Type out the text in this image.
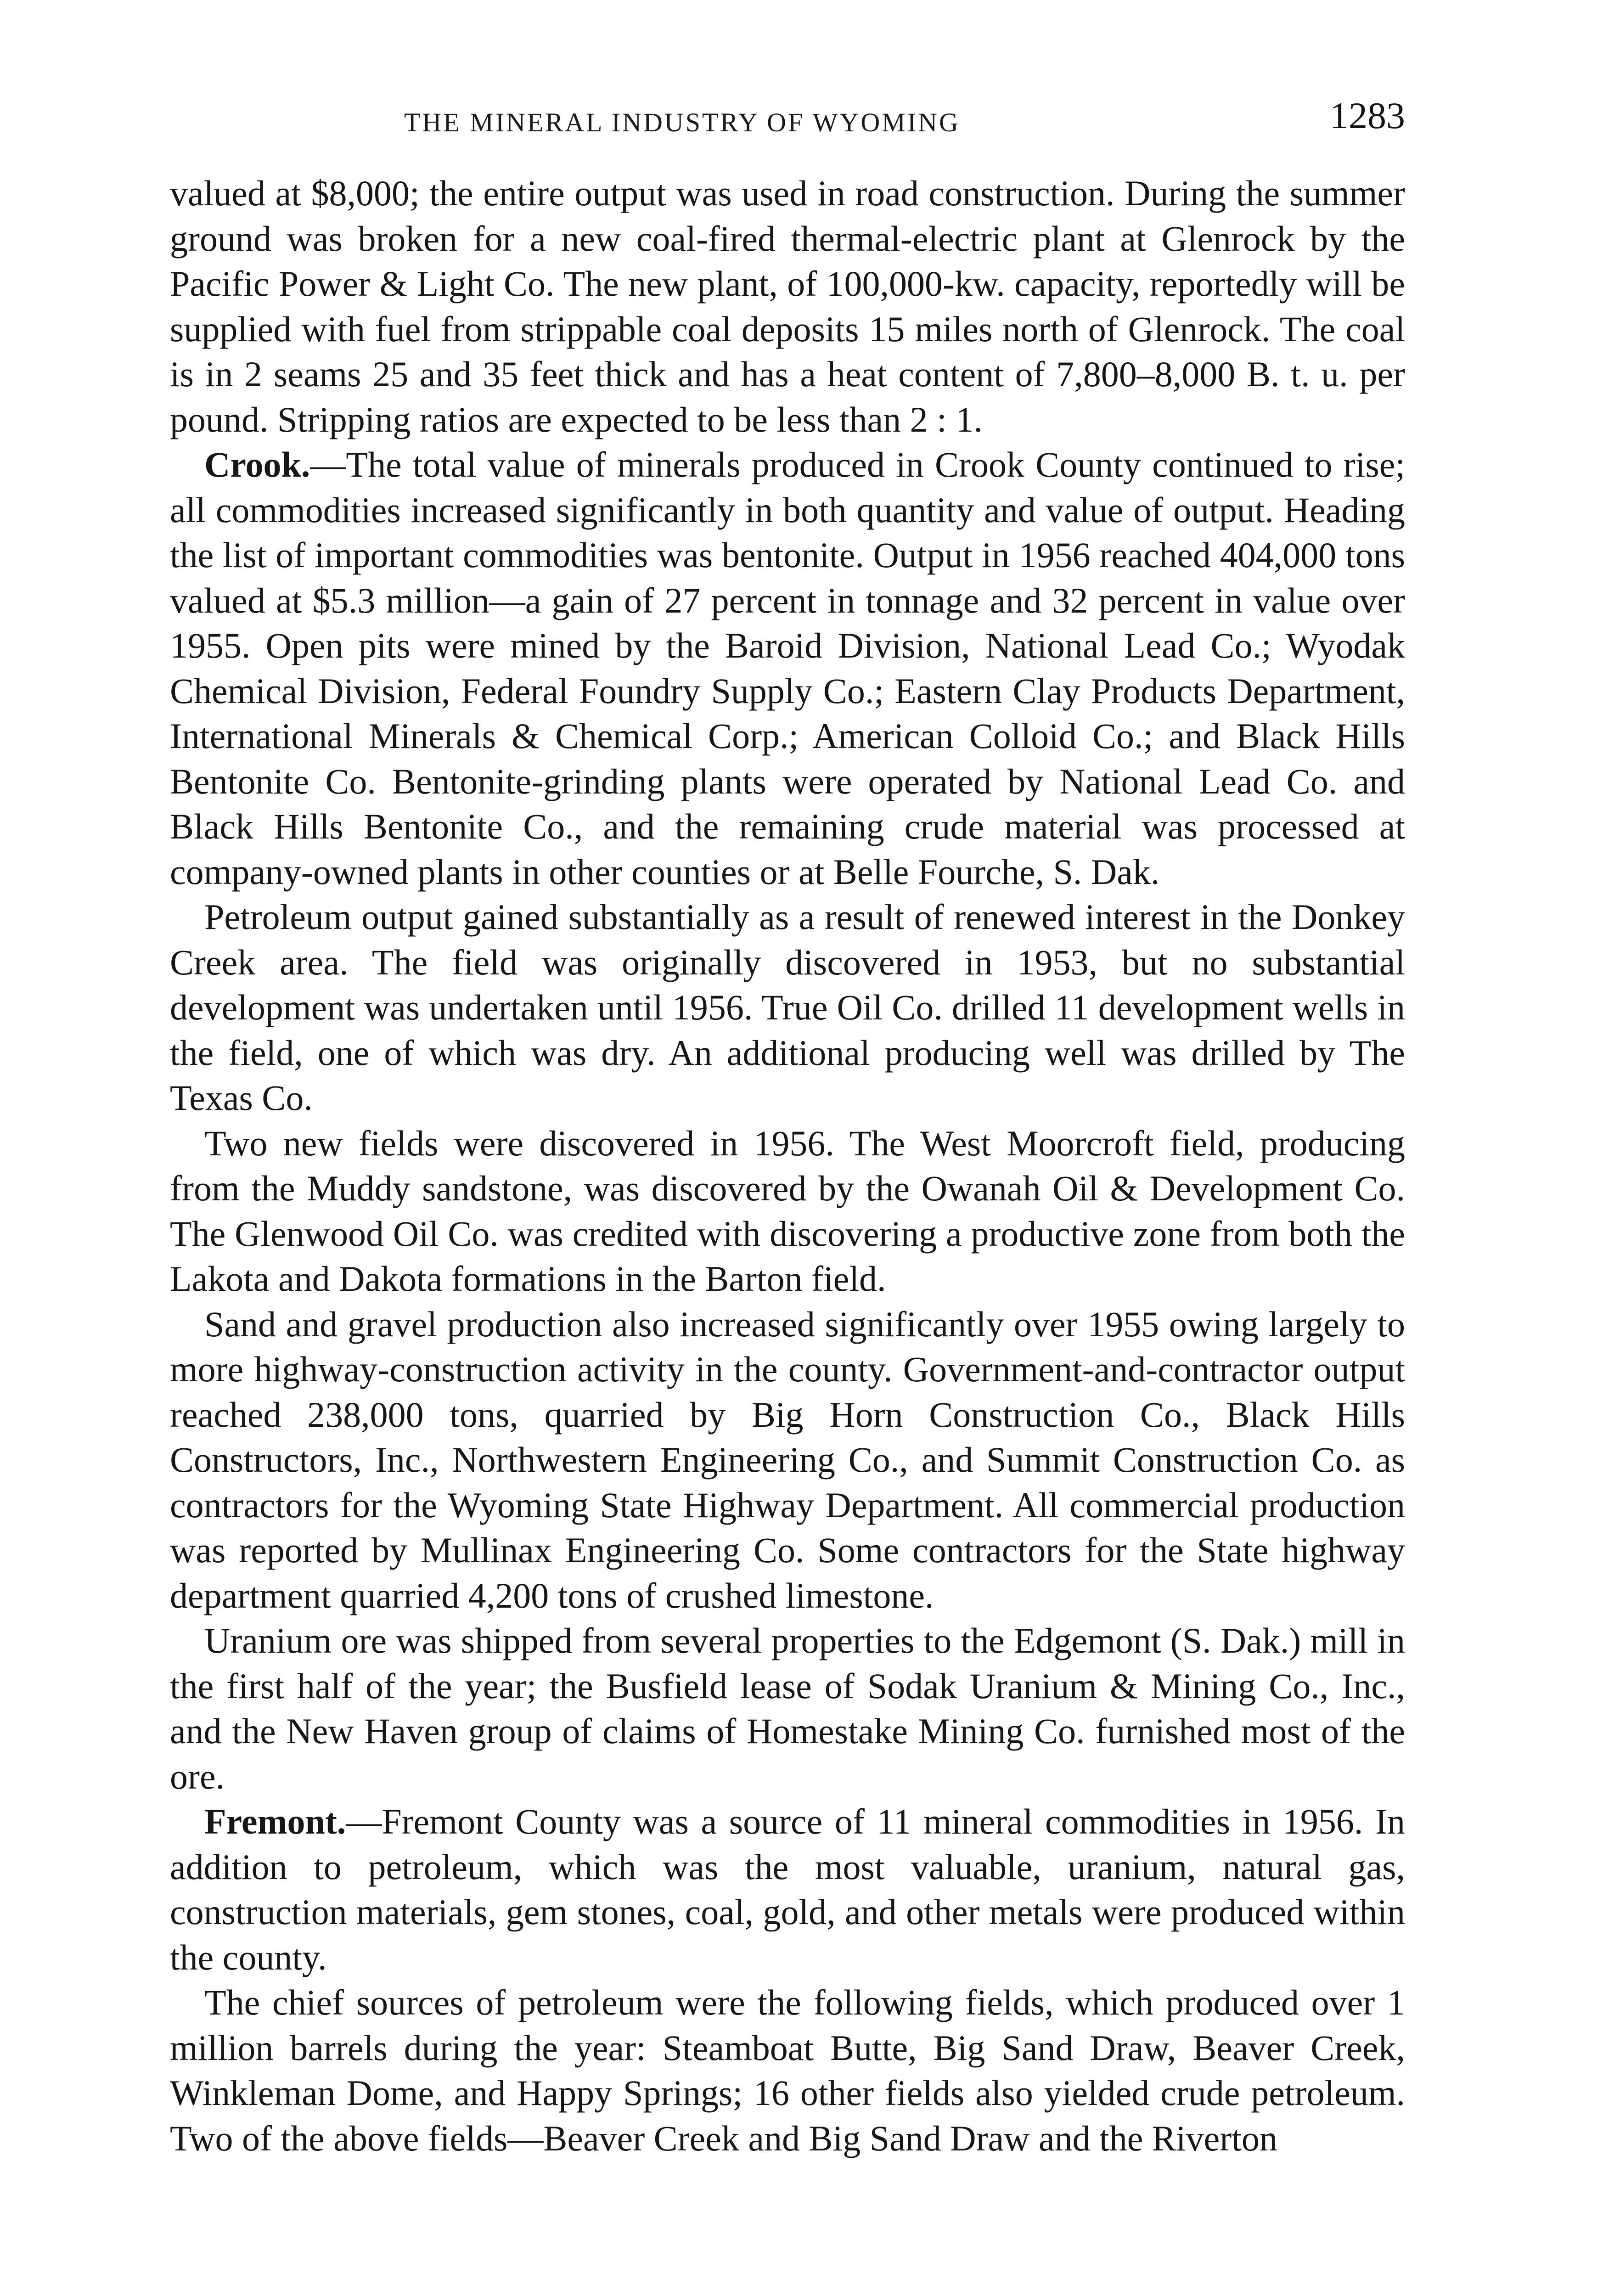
THE MINERAL INDUSTRY OF WYOMING	1283

valued at $8,000; the entire output was used in road construction. During the summer ground was broken for a new coal-fired thermal-electric plant at Glenrock by the Pacific Power & Light Co. The new plant, of 100,000-kw. capacity, reportedly will be supplied with fuel from strippable coal deposits 15 miles north of Glenrock. The coal is in 2 seams 25 and 35 feet thick and has a heat content of 7,800–8,000 B. t. u. per pound. Stripping ratios are expected to be less than 2 : 1.

Crook.—The total value of minerals produced in Crook County continued to rise; all commodities increased significantly in both quantity and value of output. Heading the list of important commodities was bentonite. Output in 1956 reached 404,000 tons valued at $5.3 million—a gain of 27 percent in tonnage and 32 percent in value over 1955. Open pits were mined by the Baroid Division, National Lead Co.; Wyodak Chemical Division, Federal Foundry Supply Co.; Eastern Clay Products Department, International Minerals & Chemical Corp.; American Colloid Co.; and Black Hills Bentonite Co. Bentonite-grinding plants were operated by National Lead Co. and Black Hills Bentonite Co., and the remaining crude material was processed at company-owned plants in other counties or at Belle Fourche, S. Dak.

Petroleum output gained substantially as a result of renewed interest in the Donkey Creek area. The field was originally discovered in 1953, but no substantial development was undertaken until 1956. True Oil Co. drilled 11 development wells in the field, one of which was dry. An additional producing well was drilled by The Texas Co.

Two new fields were discovered in 1956. The West Moorcroft field, producing from the Muddy sandstone, was discovered by the Owanah Oil & Development Co. The Glenwood Oil Co. was credited with discovering a productive zone from both the Lakota and Dakota formations in the Barton field.

Sand and gravel production also increased significantly over 1955 owing largely to more highway-construction activity in the county. Government-and-contractor output reached 238,000 tons, quarried by Big Horn Construction Co., Black Hills Constructors, Inc., Northwestern Engineering Co., and Summit Construction Co. as contractors for the Wyoming State Highway Department. All commercial production was reported by Mullinax Engineering Co. Some contractors for the State highway department quarried 4,200 tons of crushed limestone.

Uranium ore was shipped from several properties to the Edgemont (S. Dak.) mill in the first half of the year; the Busfield lease of Sodak Uranium & Mining Co., Inc., and the New Haven group of claims of Homestake Mining Co. furnished most of the ore.

Fremont.—Fremont County was a source of 11 mineral commodities in 1956. In addition to petroleum, which was the most valuable, uranium, natural gas, construction materials, gem stones, coal, gold, and other metals were produced within the county.

The chief sources of petroleum were the following fields, which produced over 1 million barrels during the year: Steamboat Butte, Big Sand Draw, Beaver Creek, Winkleman Dome, and Happy Springs; 16 other fields also yielded crude petroleum. Two of the above fields—Beaver Creek and Big Sand Draw and the Riverton
